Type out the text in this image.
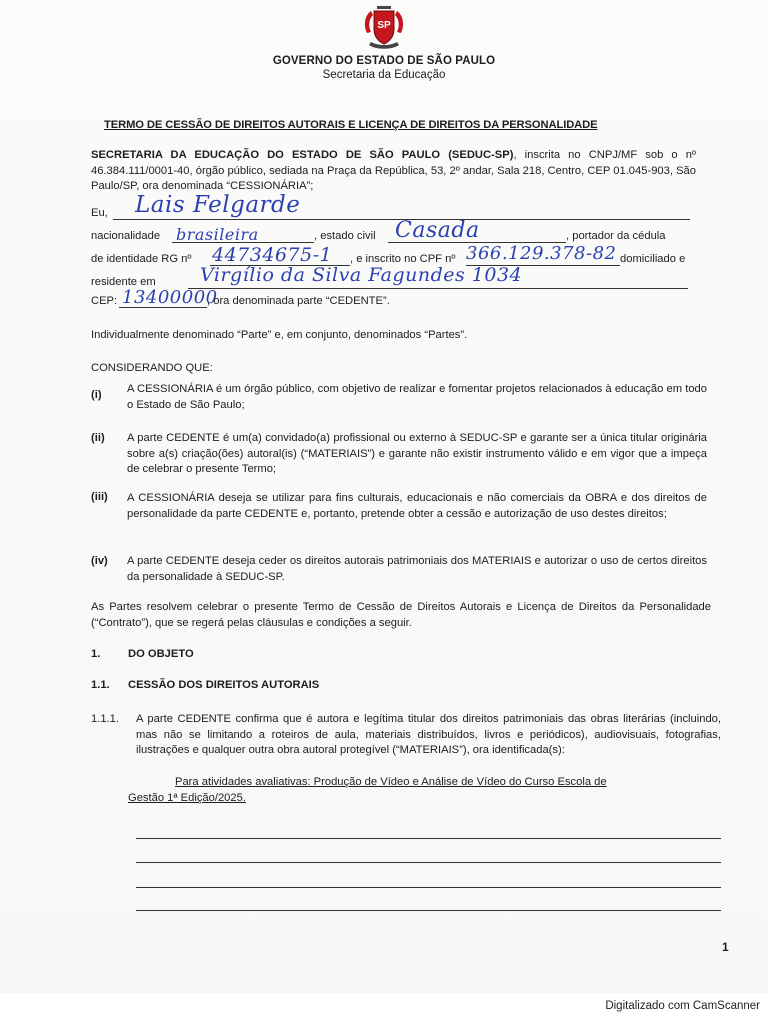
SP
GOVERNO DO ESTADO DE SÃO PAULO
Secretaria da Educação
TERMO DE CESSÃO DE DIREITOS AUTORAIS E LICENÇA DE DIREITOS DA PERSONALIDADE
SECRETARIA DA EDUCAÇÃO DO ESTADO DE SÃO PAULO (SEDUC-SP), inscrita no CNPJ/MF sob o nº 46.384.111/0001-40, órgão público, sediada na Praça da República, 53, 2º andar, Sala 218, Centro, CEP 01.045-903, São Paulo/SP, ora denominada “CESSIONÁRIA”;
Eu, Lais Felgarde
nacionalidade brasileira	, estado civil Casada	, portador da cédula
de identidade RG nº 44734675-1 , e inscrito no CPF nº 366.129.378-82 domiciliado e
residente em Virgílio da Silva Fagundes 1034
CEP: 13400000
, ora denominada parte “CEDENTE”.
Individualmente denominado “Parte” e, em conjunto, denominados “Partes”.
CONSIDERANDO QUE:
(i) A CESSIONÁRIA é um órgão público, com objetivo de realizar e fomentar projetos relacionados à educação em todo o Estado de São Paulo;
(ii) A parte CEDENTE é um(a) convidado(a) profissional ou externo à SEDUC-SP e garante ser a única titular originária sobre a(s) criação(ões) autoral(is) (“MATERIAIS”) e garante não existir instrumento válido e em vigor que a impeça de celebrar o presente Termo;
(iii) A CESSIONÁRIA deseja se utilizar para fins culturais, educacionais e não comerciais da OBRA e dos direitos de personalidade da parte CEDENTE e, portanto, pretende obter a cessão e autorização de uso destes direitos;
(iv) A parte CEDENTE deseja ceder os direitos autorais patrimoniais dos MATERIAIS e autorizar o uso de certos direitos da personalidade à SEDUC-SP.
As Partes resolvem celebrar o presente Termo de Cessão de Direitos Autorais e Licença de Direitos da Personalidade (“Contrato”), que se regerá pelas cláusulas e condições a seguir.
1. DO OBJETO
1.1. CESSÃO DOS DIREITOS AUTORAIS
1.1.1. A parte CEDENTE confirma que é autora e legítima titular dos direitos patrimoniais das obras literárias (incluindo, mas não se limitando a roteiros de aula, materiais distribuídos, livros e periódicos), audiovisuais, fotografias, ilustrações e qualquer outra obra autoral protegível (“MATERIAIS”), ora identificada(s):
Para atividades avaliativas: Produção de Vídeo e Análise de Vídeo do Curso Escola de
Gestão 1ª Edição/2025.
1
Digitalizado com CamScanner
